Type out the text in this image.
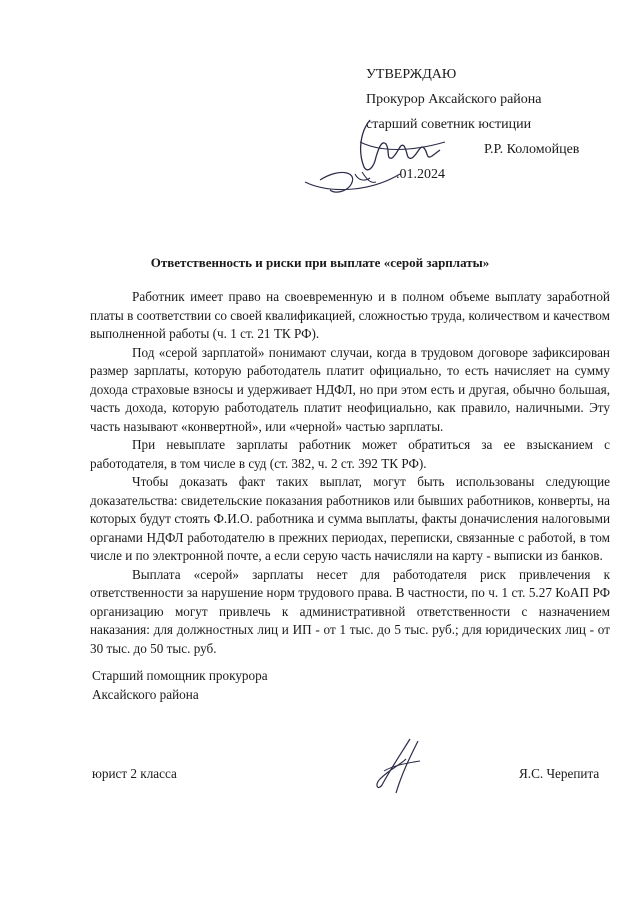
УТВЕРЖДАЮ
Прокурор Аксайского района
старший советник юстиции
Р.Р. Коломойцев
.01.2024
Ответственность и риски при выплате «серой зарплаты»

Работник имеет право на своевременную и в полном объеме выплату заработной платы в соответствии со своей квалификацией, сложностью труда, количеством и качеством выполненной работы (ч. 1 ст. 21 ТК РФ).

Под «серой зарплатой» понимают случаи, когда в трудовом договоре зафиксирован размер зарплаты, которую работодатель платит официально, то есть начисляет на сумму дохода страховые взносы и удерживает НДФЛ, но при этом есть и другая, обычно большая, часть дохода, которую работодатель платит неофициально, как правило, наличными. Эту часть называют «конвертной», или «черной» частью зарплаты.

При невыплате зарплаты работник может обратиться за ее взысканием с работодателя, в том числе в суд (ст. 382, ч. 2 ст. 392 ТК РФ).

Чтобы доказать факт таких выплат, могут быть использованы следующие доказательства: свидетельские показания работников или бывших работников, конверты, на которых будут стоять Ф.И.О. работника и сумма выплаты, факты доначисления налоговыми органами НДФЛ работодателю в прежних периодах, переписки, связанные с работой, в том числе и по электронной почте, а если серую часть начисляли на карту - выписки из банков.

Выплата «серой» зарплаты несет для работодателя риск привлечения к ответственности за нарушение норм трудового права. В частности, по ч. 1 ст. 5.27 КоАП РФ организацию могут привлечь к административной ответственности с назначением наказания: для должностных лиц и ИП - от 1 тыс. до 5 тыс. руб.; для юридических лиц - от 30 тыс. до 50 тыс. руб.

Старший помощник прокурора
Аксайского района
юрист 2 класса	Я.С. Черепита
